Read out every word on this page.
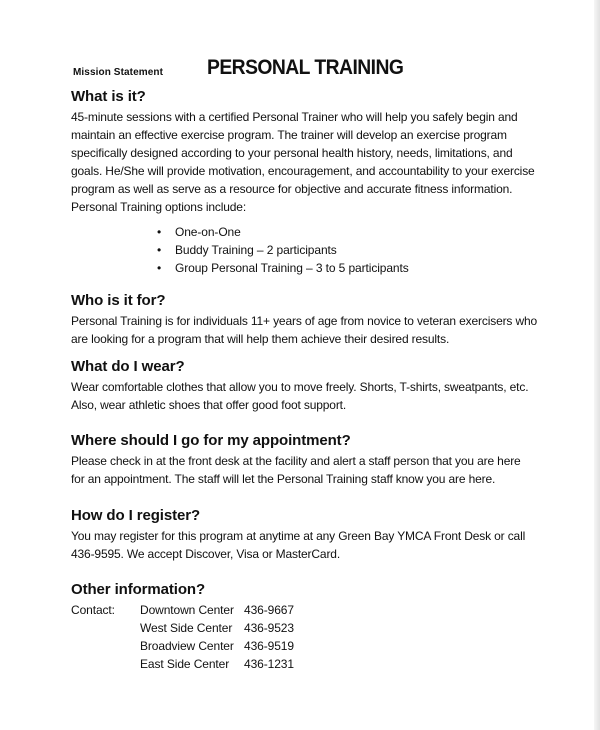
Mission Statement PERSONAL TRAINING
What is it?

45-minute sessions with a certified Personal Trainer who will help you safely begin and

maintain an effective exercise program. The trainer will develop an exercise program

specifically designed according to your personal health history, needs, limitations, and

goals. He/She will provide motivation, encouragement, and accountability to your exercise

program as well as serve as a resource for objective and accurate fitness information.

Personal Training options include:

• One-on-One
• Buddy Training – 2 participants
• Group Personal Training – 3 to 5 participants
Who is it for?

Personal Training is for individuals 11+ years of age from novice to veteran exercisers who

are looking for a program that will help them achieve their desired results.

What do I wear?

Wear comfortable clothes that allow you to move freely. Shorts, T-shirts, sweatpants, etc.

Also, wear athletic shoes that offer good foot support.

Where should I go for my appointment?

Please check in at the front desk at the facility and alert a staff person that you are here

for an appointment. The staff will let the Personal Training staff know you are here.

How do I register?

You may register for this program at anytime at any Green Bay YMCA Front Desk or call

436-9595. We accept Discover, Visa or MasterCard.

Other information?
Contact:	Downtown Center	436-9667
	West Side Center	436-9523
	Broadview Center	436-9519
	East Side Center	436-1231
